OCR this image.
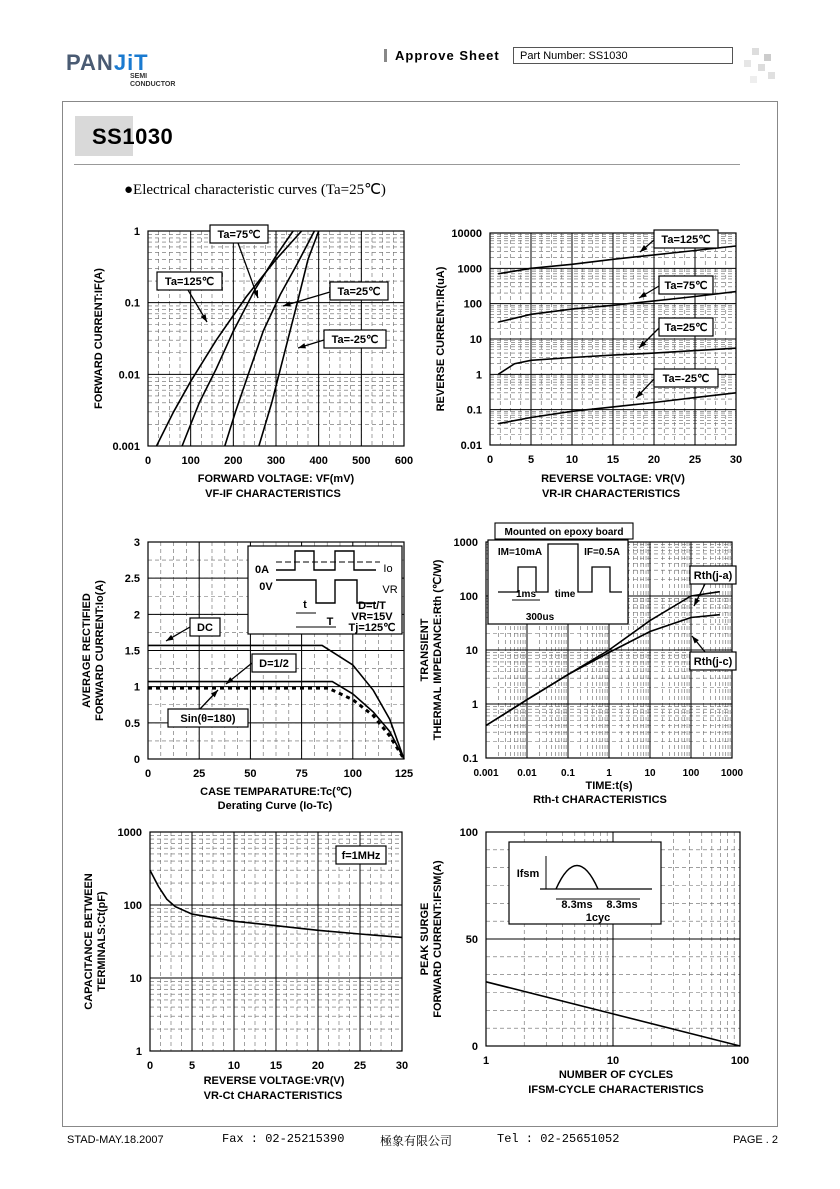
PANJiT
SEMI
CONDUCTOR
Approve Sheet	Part Number: SS1030
SS1030
●Electrical characteristic curves (Ta=25℃)
0	100 200 300 400 500 600
1
0.1
0.01
0.001
FORWARD VOLTAGE: VF(mV)
VF-IF CHARACTERISTICS
FORWARD CURRENT:IF(A)
0	5	10	15	20	25	30
10000
1000
100
10
1
0.1
0.01
REVERSE VOLTAGE: VR(V)
VR-IR CHARACTERISTICS
REVERSE CURRENT:IR(uA)
0	25	50	75	100	125
3
2.5
2
1.5
1
0.5
0
CASE TEMPARATURE:Tc(℃)
Derating Curve (Io-Tc)
AVERAGE RECTIFIED FORWARD CURRENT:Io(A)
0.001 0.01 0.1	1	10	100 1000
1000
100
10
1
0.1
TIME:t(s)
Rth-t CHARACTERISTICS
TRANSIENT THERMAL IMPEDANCE:Rth (℃/W)
0	5	10	15	20	25	30
1000
100
10
1
REVERSE VOLTAGE:VR(V)
VR-Ct CHARACTERISTICS
CAPACITANCE BETWEEN TERMINALS:Ct(pF)
1	10	100
100
50
0
NUMBER OF CYCLES
IFSM-CYCLE CHARACTERISTICS
PEAK SURGE FORWARD CURRENT:IFSM(A)
Ta=75℃
Ta=125℃
Ta=25℃
Ta=-25℃
Ta=125℃
Ta=75℃
Ta=25℃
Ta=-25℃
DC
D=1/2
Sin(θ=180)
0A
0V
Io
VR
t
T
D=t/T
VR=15V
Tj=125℃
Rth(j-a)
Rth(j-c)
Mounted on epoxy board
IM=10mA	IF=0.5A
1ms time
300us
f=1MHz
Ifsm
8.3ms 8.3ms
1cyc
STAD-MAY.18.2007	Fax : 02-25215390	極象有限公司	Tel : 02-25651052	PAGE . 2
